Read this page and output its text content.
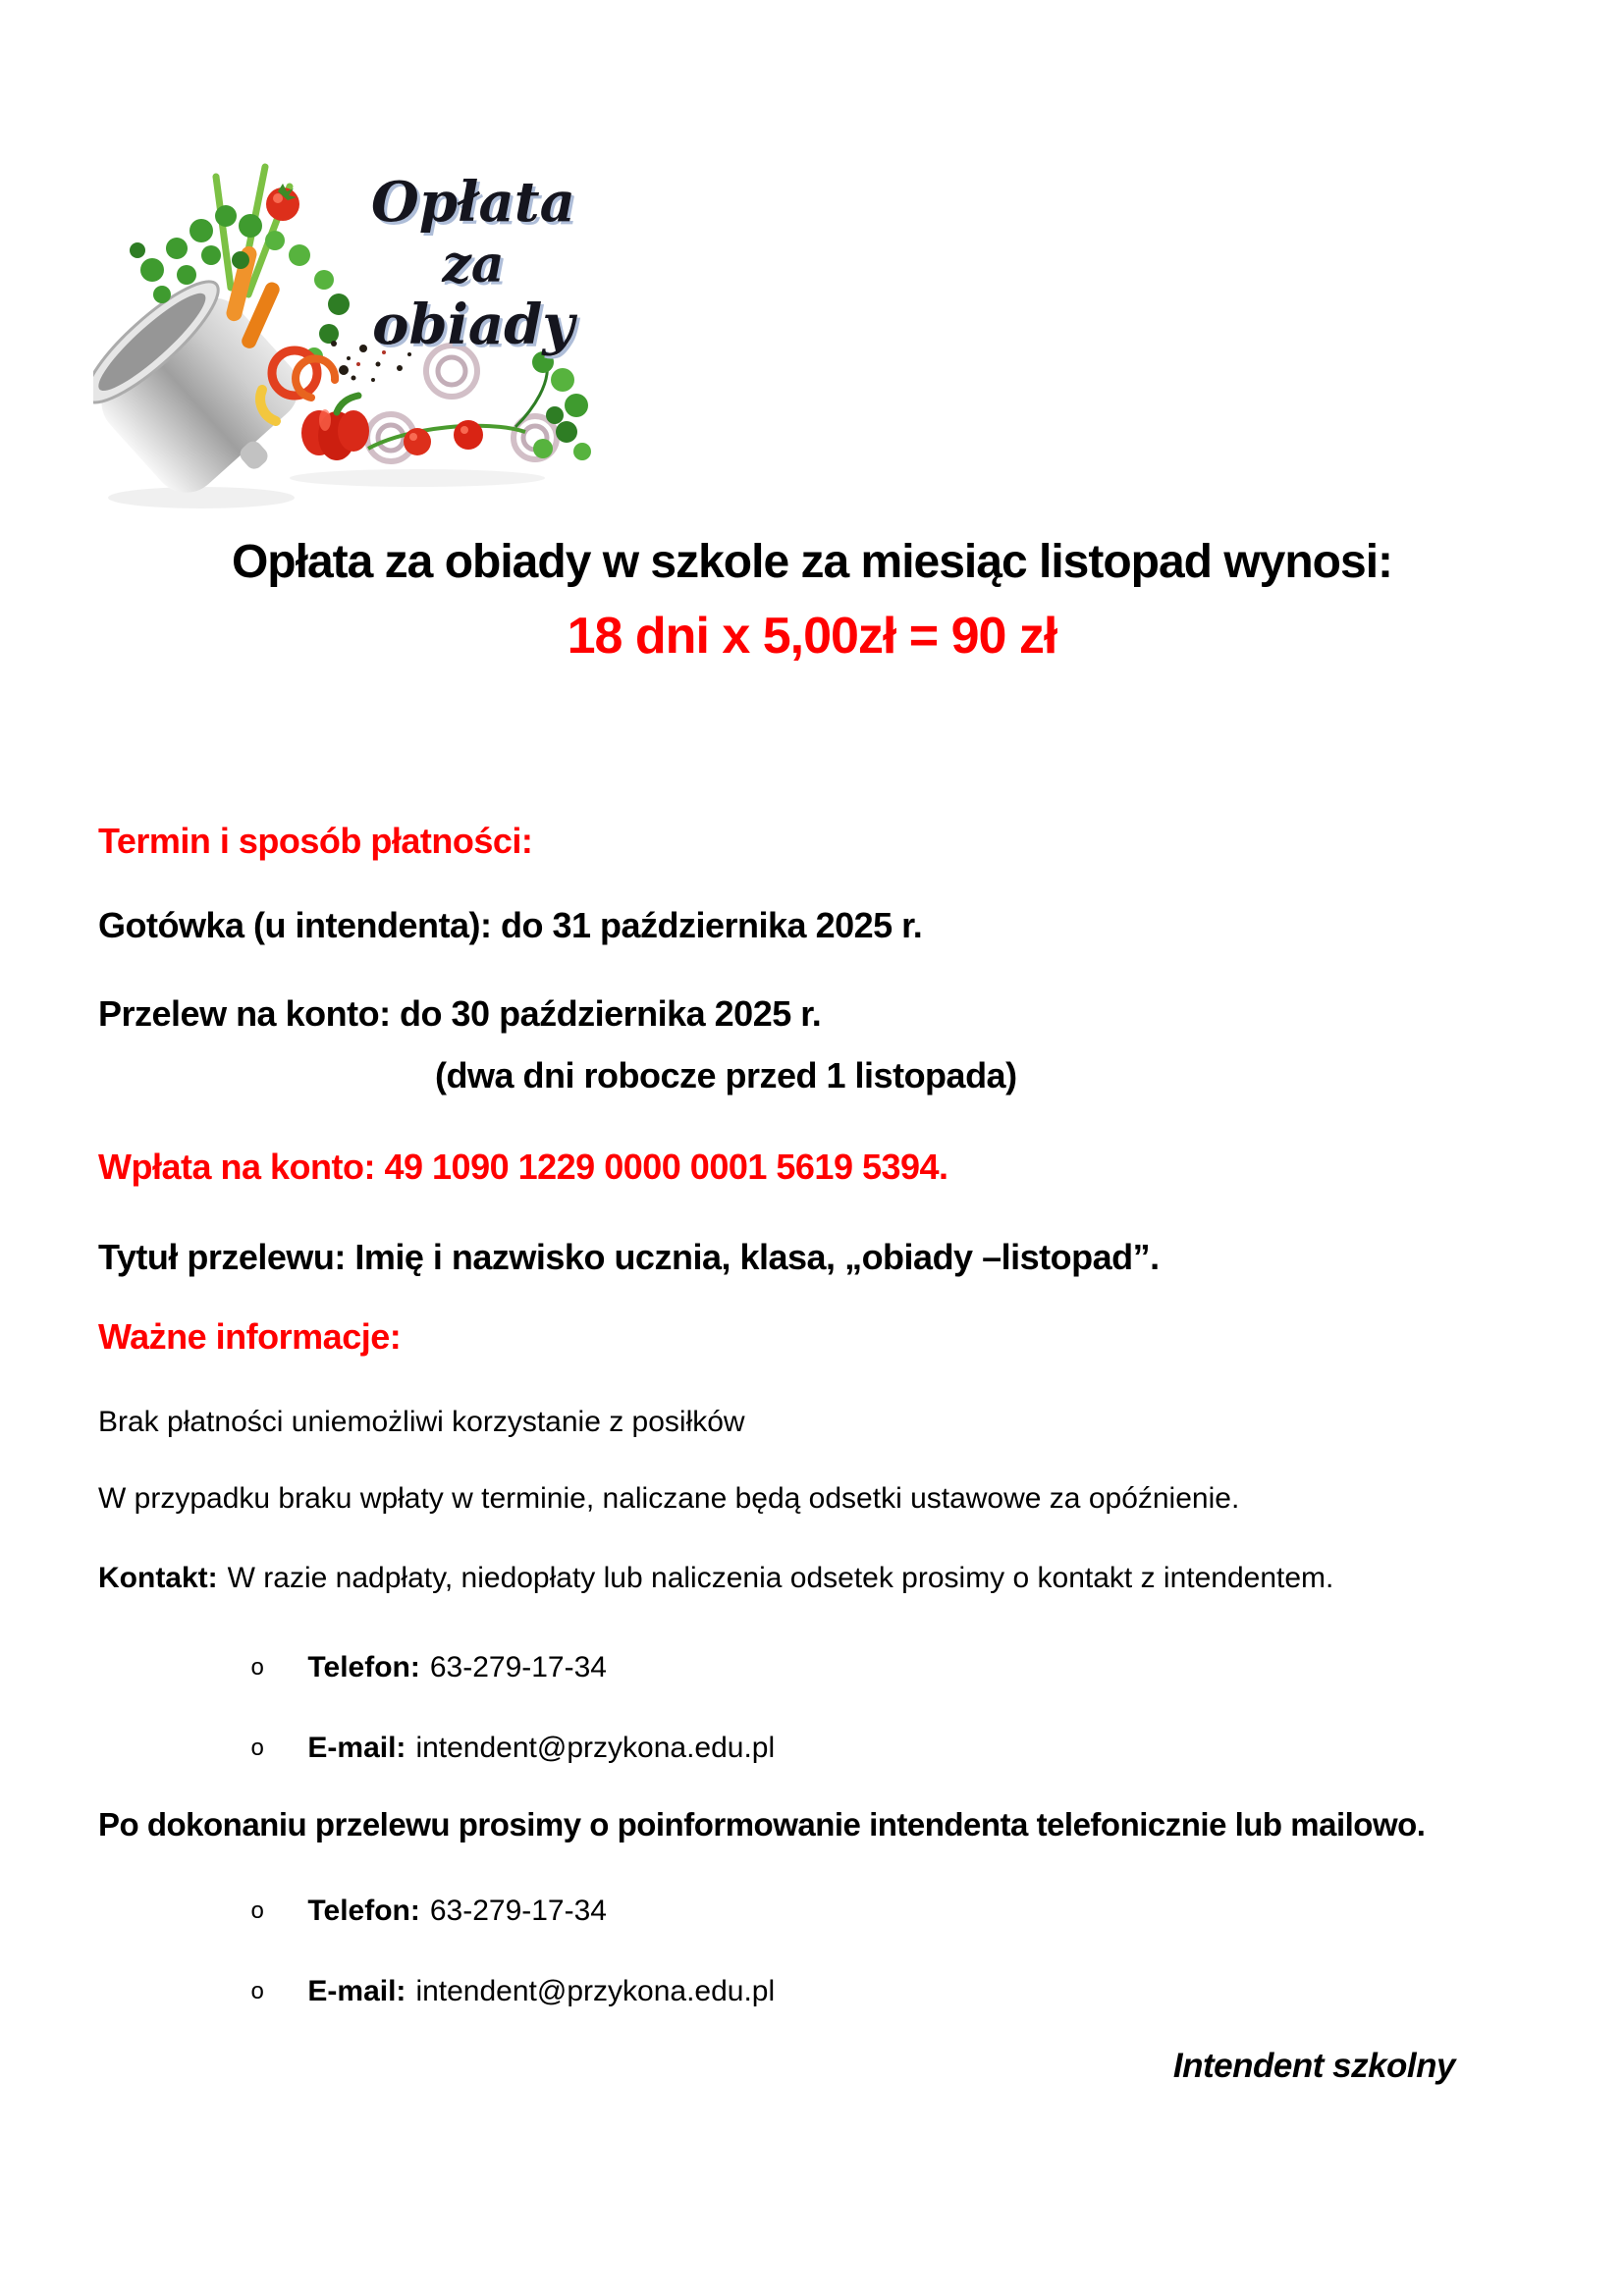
Opłata
za
obiady
Opłata za obiady w szkole za miesiąc listopad wynosi:
18 dni x 5,00zł = 90 zł
Termin i sposób płatności:
Gotówka (u intendenta): do 31 października 2025 r.
Przelew na konto: do 30 października 2025 r.
(dwa dni robocze przed 1 listopada)
Wpłata na konto: 49 1090 1229 0000 0001 5619 5394.
Tytuł przelewu: Imię i nazwisko ucznia, klasa, „obiady –listopad”.
Ważne informacje:
Brak płatności uniemożliwi korzystanie z posiłków
W przypadku braku wpłaty w terminie, naliczane będą odsetki ustawowe za opóźnienie.
Kontakt: W razie nadpłaty, niedopłaty lub naliczenia odsetek prosimy o kontakt z intendentem.
o Telefon: 63-279-17-34
o E-mail: intendent@przykona.edu.pl
Po dokonaniu przelewu prosimy o poinformowanie intendenta telefonicznie lub mailowo.
o Telefon: 63-279-17-34
o E-mail: intendent@przykona.edu.pl
Intendent szkolny
